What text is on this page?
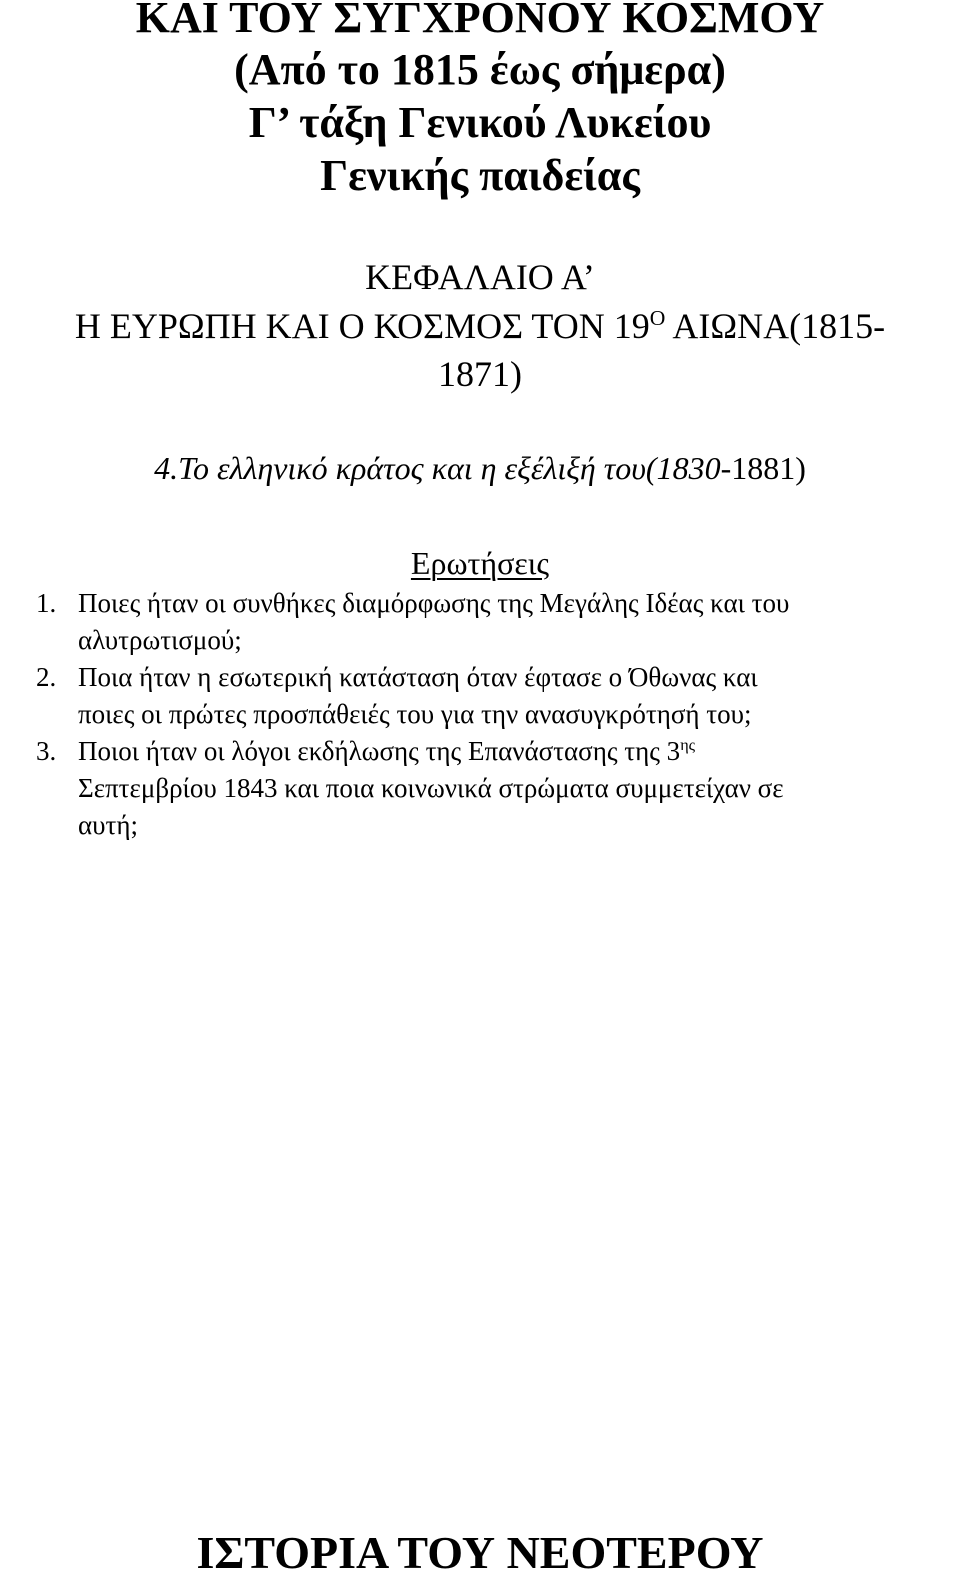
ΚΑΙ ΤΟΥ ΣΥΓΧΡΟΝΟΥ ΚΟΣΜΟΥ
(Από το 1815 έως σήμερα)
Γ’ τάξη Γενικού Λυκείου
Γενικής παιδείας
ΚΕΦΑΛΑΙΟ Α’
Η ΕΥΡΩΠΗ ΚΑΙ Ο ΚΟΣΜΟΣ ΤΟΝ $19^O$ ΑΙΩΝΑ(1815-
1871)
4.Το ελληνικό κράτος και η εξέλιξή του(1830-1881)
Ερωτήσεις
1. Ποιες ήταν οι συνθήκες διαμόρφωσης της Μεγάλης Ιδέας και του
αλυτρωτισμού;
2. Ποια ήταν η εσωτερική κατάσταση όταν έφτασε ο Όθωνας και
ποιες οι πρώτες προσπάθειές του για την ανασυγκρότησή του;
3. Ποιοι ήταν οι λόγοι εκδήλωσης της Επανάστασης της $3^{\eta\varsigma}$
Σεπτεμβρίου 1843 και ποια κοινωνικά στρώματα συμμετείχαν σε
αυτή;
ΙΣΤΟΡΙΑ ΤΟΥ ΝΕΟΤΕΡΟΥ
